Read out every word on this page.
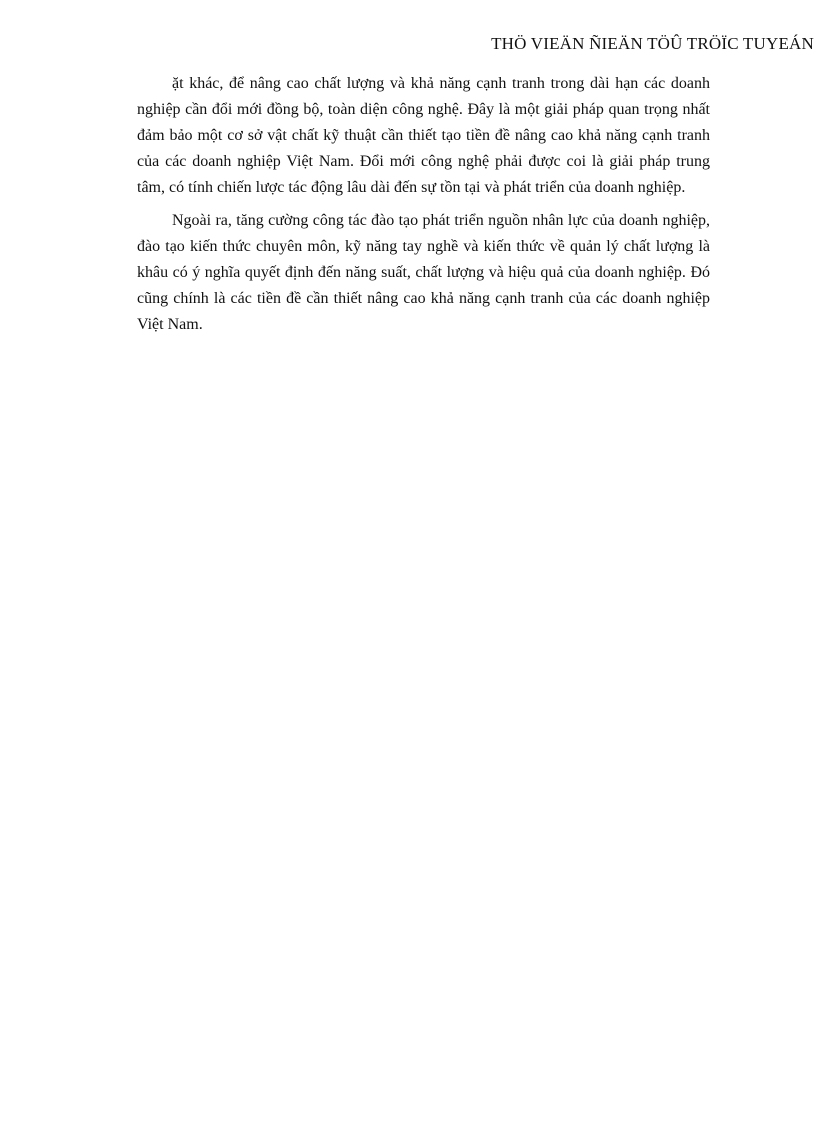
THÖ VIEÄN ÑIEÄN TÖÛ TRÖÏC TUYEÁN

ặt khác, để nâng cao chất lượng và khả năng cạnh tranh trong dài hạn các doanh nghiệp cần đổi mới đồng bộ, toàn diện công nghệ. Đây là một giải pháp quan trọng nhất đảm bảo một cơ sở vật chất kỹ thuật cần thiết tạo tiền đề nâng cao khả năng cạnh tranh của các doanh nghiệp Việt Nam. Đổi mới công nghệ phải được coi là giải pháp trung tâm, có tính chiến lược tác động lâu dài đến sự tồn tại và phát triển của doanh nghiệp.

Ngoài ra, tăng cường công tác đào tạo phát triển nguồn nhân lực của doanh nghiệp, đào tạo kiến thức chuyên môn, kỹ năng tay nghề và kiến thức về quản lý chất lượng là khâu có ý nghĩa quyết định đến năng suất, chất lượng và hiệu quả của doanh nghiệp. Đó cũng chính là các tiền đề cần thiết nâng cao khả năng cạnh tranh của các doanh nghiệp Việt Nam.
